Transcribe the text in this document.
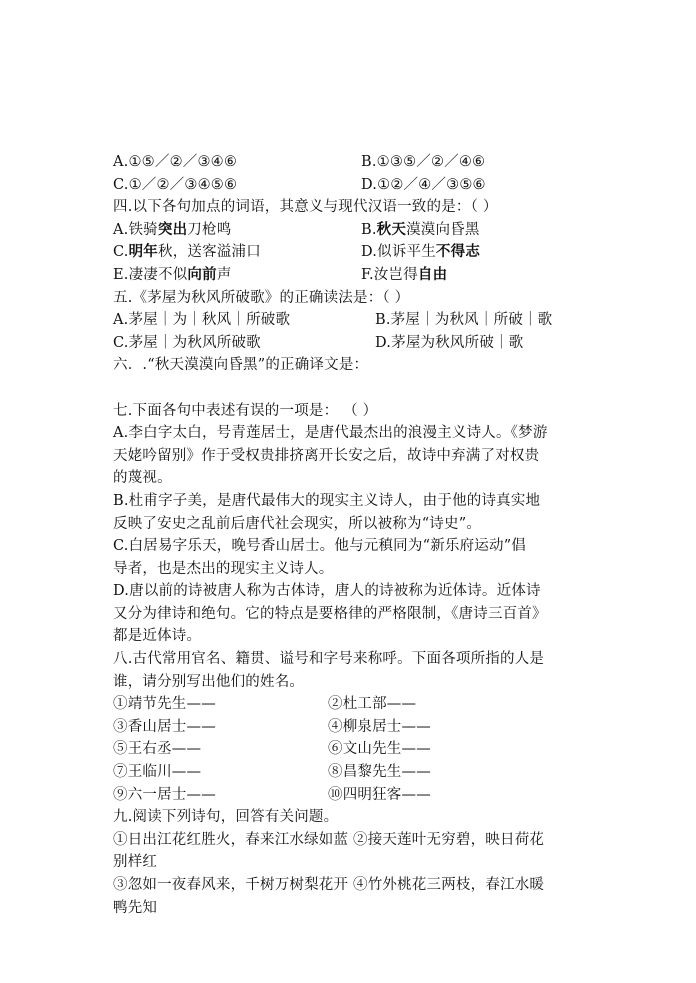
A.①⑤／②／③④⑥	B.①③⑤／②／④⑥
C.①／②／③④⑤⑥	D.①②／④／③⑤⑥
四.以下各句加点的词语，其意义与现代汉语一致的是：（ ）
A.铁骑突出刀枪鸣	B.秋天漠漠向昏黑
C.明年秋，送客溢浦口	D.似诉平生不得志
E.凄凄不似向前声	F.汝岂得自由
五.《茅屋为秋风所破歌》的正确读法是：（ ）
A.茅屋｜为｜秋风｜所破歌	B.茅屋｜为秋风｜所破｜歌
C.茅屋｜为秋风所破歌	D.茅屋为秋风所破｜歌
六．.“秋天漠漠向昏黑”的正确译文是：
七.下面各句中表述有误的一项是： （ ）
A.李白字太白，号青莲居士，是唐代最杰出的浪漫主义诗人。《梦游
天姥吟留别》作于受权贵排挤离开长安之后，故诗中弃满了对权贵
的蔑视。
B.杜甫字子美，是唐代最伟大的现实主义诗人，由于他的诗真实地
反映了安史之乱前后唐代社会现实，所以被称为“诗史”。
C.白居易字乐天，晚号香山居士。他与元稹同为“新乐府运动”倡
导者，也是杰出的现实主义诗人。
D.唐以前的诗被唐人称为古体诗，唐人的诗被称为近体诗。近体诗
又分为律诗和绝句。它的特点是要格律的严格限制，《唐诗三百首》
都是近体诗。
八.古代常用官名、籍贯、谥号和字号来称呼。下面各项所指的人是
谁，请分别写出他们的姓名。
①靖节先生——	②杜工部——
③香山居士——	④柳泉居士——
⑤王右丞——	⑥文山先生——
⑦王临川——	⑧昌黎先生——
⑨六一居士——	⑩四明狂客——
九.阅读下列诗句，回答有关问题。
①日出江花红胜火，春来江水绿如蓝 ②接天莲叶无穷碧，映日荷花
别样红
③忽如一夜春风来，千树万树梨花开 ④竹外桃花三两枝，春江水暖
鸭先知
